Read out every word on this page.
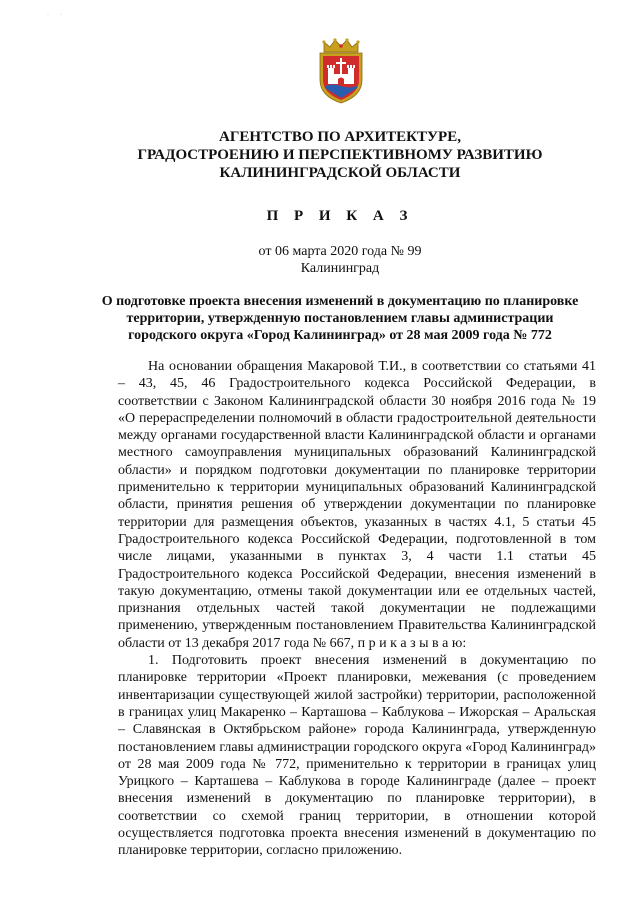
· ·
АГЕНТСТВО ПО АРХИТЕКТУРЕ,
ГРАДОСТРОЕНИЮ И ПЕРСПЕКТИВНОМУ РАЗВИТИЮ
КАЛИНИНГРАДСКОЙ ОБЛАСТИ
П Р И К А З
от 06 марта 2020 года № 99
Калининград
О подготовке проекта внесения изменений в документацию по планировке
территории, утвержденную постановлением главы администрации
городского округа «Город Калининград» от 28 мая 2009 года № 772

На основании обращения Макаровой Т.И., в соответствии со статьями 41 – 43, 45, 46 Градостроительного кодекса Российской Федерации, в соответствии с Законом Калининградской области 30 ноября 2016 года № 19 «О перераспределении полномочий в области градостроительной деятельности между органами государственной власти Калининградской области и органами местного самоуправления муниципальных образований Калининградской области» и порядком подготовки документации по планировке территории применительно к территории муниципальных образований Калининградской области, принятия решения об утверждении документации по планировке территории для размещения объектов, указанных в частях 4.1, 5 статьи 45 Градостроительного кодекса Российской Федерации, подготовленной в том числе лицами, указанными в пунктах 3, 4 части 1.1 статьи 45 Градостроительного кодекса Российской Федерации, внесения изменений в такую документацию, отмены такой документации или ее отдельных частей, признания отдельных частей такой документации не подлежащими применению, утвержденным постановлением Правительства Калининградской области от 13 декабря 2017 года № 667, п р и к а з ы в а ю:

1. Подготовить проект внесения изменений в документацию по планировке территории «Проект планировки, межевания (с проведением инвентаризации существующей жилой застройки) территории, расположенной в границах улиц Макаренко – Карташова – Каблукова – Ижорская – Аральская – Славянская в Октябрьском районе» города Калининграда, утвержденную постановлением главы администрации городского округа «Город Калининград» от 28 мая 2009 года № 772, применительно к территории в границах улиц Урицкого – Карташева – Каблукова в городе Калининграде (далее – проект внесения изменений в документацию по планировке территории), в соответствии со схемой границ территории, в отношении которой осуществляется подготовка проекта внесения изменений в документацию по планировке территории, согласно приложению.
